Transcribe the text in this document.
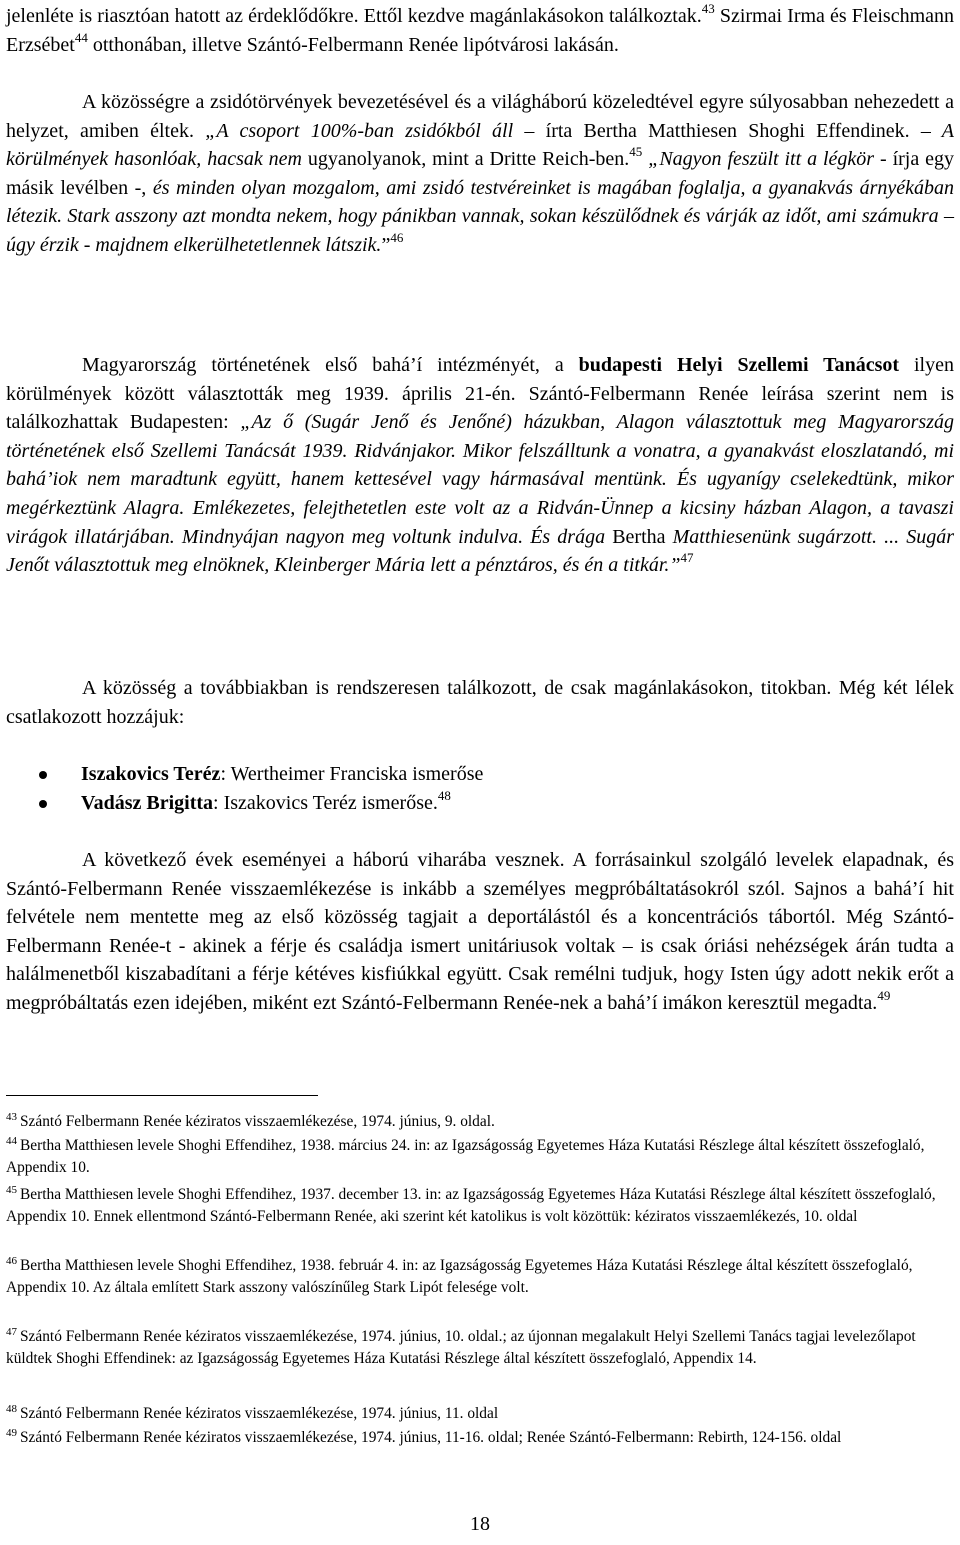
jelenléte is riasztóan hatott az érdeklődőkre. Ettől kezdve magánlakásokon találkoztak.$^{43}$ Szirmai Irma és Fleischmann Erzsébet$^{44}$ otthonában, illetve Szántó-Felbermann Renée lipótvárosi lakásán.

A közösségre a zsidótörvények bevezetésével és a világháború közeledtével egyre súlyosabban nehezedett a helyzet, amiben éltek. „A csoport 100%-ban zsidókból áll – írta Bertha Matthiesen Shoghi Effendinek. – A körülmények hasonlóak, hacsak nem ugyanolyanok, mint a Dritte Reich-ben.$^{45}$ „Nagyon feszült itt a légkör - írja egy másik levélben -, és minden olyan mozgalom, ami zsidó testvéreinket is magában foglalja, a gyanakvás árnyékában létezik. Stark asszony azt mondta nekem, hogy pánikban vannak, sokan készülődnek és várják az időt, ami számukra – úgy érzik - majdnem elkerülhetetlennek látszik.”$^{46}$

Magyarország történetének első bahá’í intézményét, a budapesti Helyi Szellemi Tanácsot ilyen körülmények között választották meg 1939. április 21-én. Szántó-Felbermann Renée leírása szerint nem is találkozhattak Budapesten: „Az ő (Sugár Jenő és Jenőné) házukban, Alagon választottuk meg Magyarország történetének első Szellemi Tanácsát 1939. Ridvánjakor. Mikor felszálltunk a vonatra, a gyanakvást eloszlatandó, mi bahá’iok nem maradtunk együtt, hanem kettesével vagy hármasával mentünk. És ugyanígy cselekedtünk, mikor megérkeztünk Alagra. Emlékezetes, felejthetetlen este volt az a Ridván-Ünnep a kicsiny házban Alagon, a tavaszi virágok illatárjában. Mindnyájan nagyon meg voltunk indulva. És drága Bertha Matthiesenünk sugárzott. ... Sugár Jenőt választottuk meg elnöknek, Kleinberger Mária lett a pénztáros, és én a titkár.”$^{47}$

A közösség a továbbiakban is rendszeresen találkozott, de csak magánlakásokon, titokban. Még két lélek csatlakozott hozzájuk:

Iszakovics Teréz: Wertheimer Franciska ismerőse
Vadász Brigitta: Iszakovics Teréz ismerőse.$^{48}$

A következő évek eseményei a háború viharába vesznek. A forrásainkul szolgáló levelek elapadnak, és Szántó-Felbermann Renée visszaemlékezése is inkább a személyes megpróbáltatásokról szól. Sajnos a bahá’í hit felvétele nem mentette meg az első közösség tagjait a deportálástól és a koncentrációs tábortól. Még Szántó-Felbermann Renée-t - akinek a férje és családja ismert unitáriusok voltak – is csak óriási nehézségek árán tudta a halálmenetből kiszabadítani a férje kétéves kisfiúkkal együtt. Csak remélni tudjuk, hogy Isten úgy adott nekik erőt a megpróbáltatás ezen idejében, miként ezt Szántó-Felbermann Renée-nek a bahá’í imákon keresztül megadta.$^{49}$

$^{43}$ Szántó Felbermann Renée kéziratos visszaemlékezése, 1974. június, 9. oldal.

$^{44}$ Bertha Matthiesen levele Shoghi Effendihez, 1938. március 24. in: az Igazságosság Egyetemes Háza Kutatási Részlege által készített összefoglaló, Appendix 10.

$^{45}$ Bertha Matthiesen levele Shoghi Effendihez, 1937. december 13. in: az Igazságosság Egyetemes Háza Kutatási Részlege által készített összefoglaló, Appendix 10. Ennek ellentmond Szántó-Felbermann Renée, aki szerint két katolikus is volt közöttük: kéziratos visszaemlékezés, 10. oldal

$^{46}$ Bertha Matthiesen levele Shoghi Effendihez, 1938. február 4. in: az Igazságosság Egyetemes Háza Kutatási Részlege által készített összefoglaló, Appendix 10. Az általa említett Stark asszony valószínűleg Stark Lipót felesége volt.

$^{47}$ Szántó Felbermann Renée kéziratos visszaemlékezése, 1974. június, 10. oldal.; az újonnan megalakult Helyi Szellemi Tanács tagjai levelezőlapot küldtek Shoghi Effendinek: az Igazságosság Egyetemes Háza Kutatási Részlege által készített összefoglaló, Appendix 14.

$^{48}$ Szántó Felbermann Renée kéziratos visszaemlékezése, 1974. június, 11. oldal

$^{49}$ Szántó Felbermann Renée kéziratos visszaemlékezése, 1974. június, 11-16. oldal; Renée Szántó-Felbermann: Rebirth, 124-156. oldal

18
